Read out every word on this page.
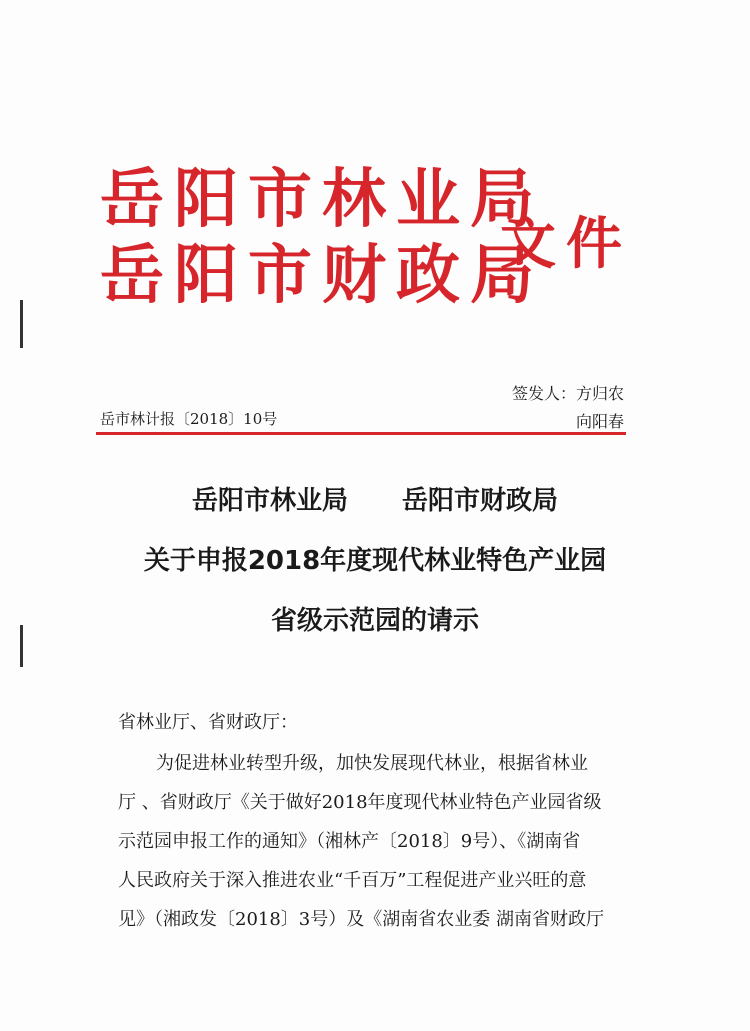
岳阳市林业局
岳阳市财政局
文件
签发人：方归农
向阳春
岳市林计报〔2018〕10号
岳阳市林业局 岳阳市财政局
关于申报2018年度现代林业特色产业园
省级示范园的请示
省林业厅、省财政厅：
为促进林业转型升级，加快发展现代林业，根据省林业
厅 、省财政厅《关于做好2018年度现代林业特色产业园省级
示范园申报工作的通知》（湘林产〔2018〕9号）、《湖南省
人民政府关于深入推进农业“千百万”工程促进产业兴旺的意
见》（湘政发〔2018〕3号）及《湖南省农业委 湖南省财政厅
